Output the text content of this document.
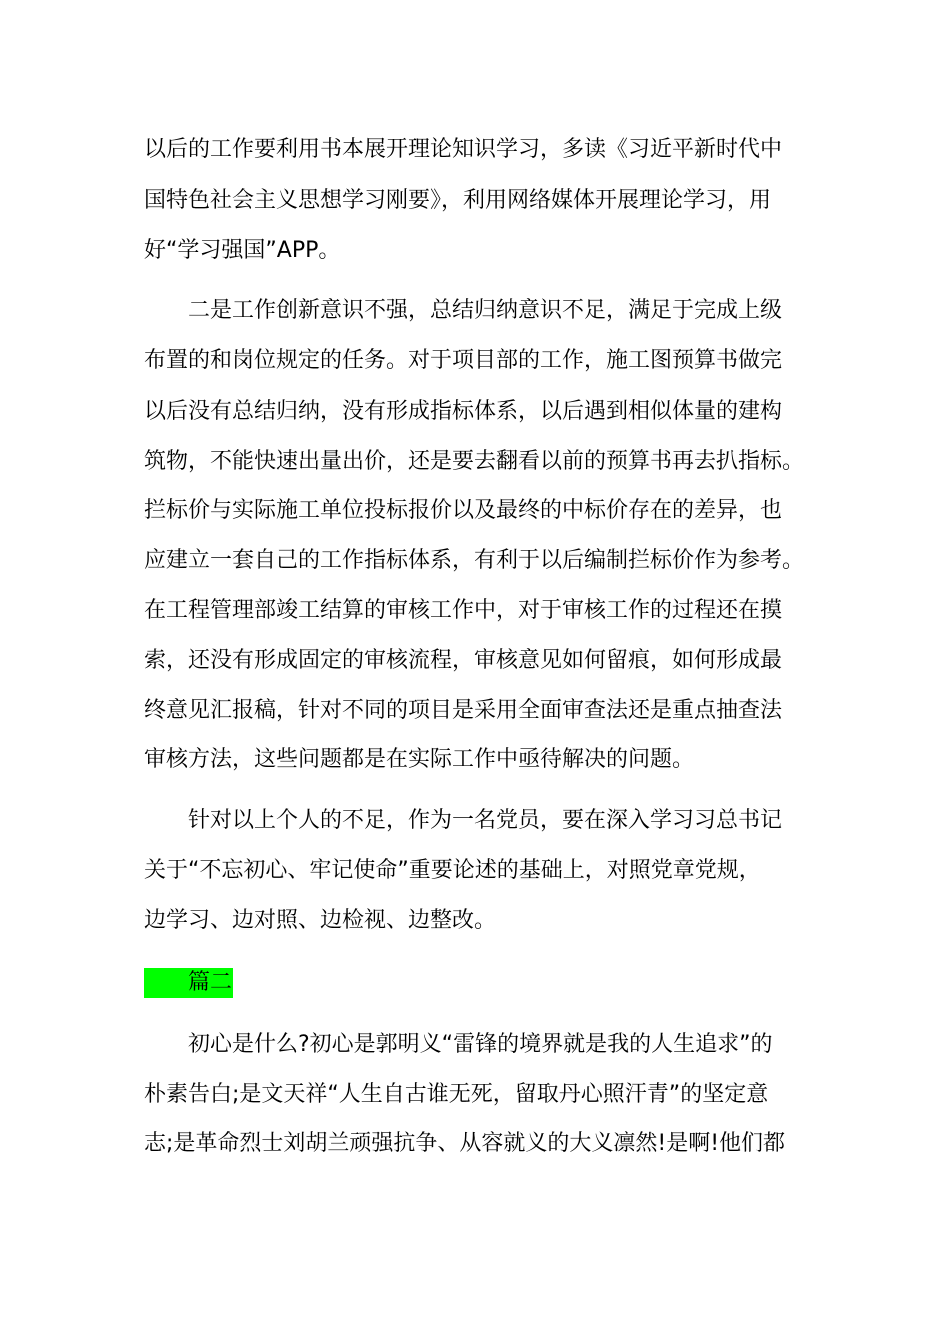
以后的工作要利用书本展开理论知识学习，多读《习近平新时代中
国特色社会主义思想学习刚要》，利用网络媒体开展理论学习，用
好“学习强国”APP。
二是工作创新意识不强，总结归纳意识不足，满足于完成上级
布置的和岗位规定的任务。对于项目部的工作，施工图预算书做完
以后没有总结归纳，没有形成指标体系，以后遇到相似体量的建构
筑物，不能快速出量出价，还是要去翻看以前的预算书再去扒指标。
拦标价与实际施工单位投标报价以及最终的中标价存在的差异，也
应建立一套自己的工作指标体系，有利于以后编制拦标价作为参考。
在工程管理部竣工结算的审核工作中，对于审核工作的过程还在摸
索，还没有形成固定的审核流程，审核意见如何留痕，如何形成最
终意见汇报稿，针对不同的项目是采用全面审查法还是重点抽查法
审核方法，这些问题都是在实际工作中亟待解决的问题。
针对以上个人的不足，作为一名党员，要在深入学习习总书记
关于“不忘初心、牢记使命”重要论述的基础上，对照党章党规，
边学习、边对照、边检视、边整改。
篇二
初心是什么?初心是郭明义“雷锋的境界就是我的人生追求”的
朴素告白;是文天祥“人生自古谁无死，留取丹心照汗青”的坚定意
志;是革命烈士刘胡兰顽强抗争、从容就义的大义凛然!是啊!他们都
